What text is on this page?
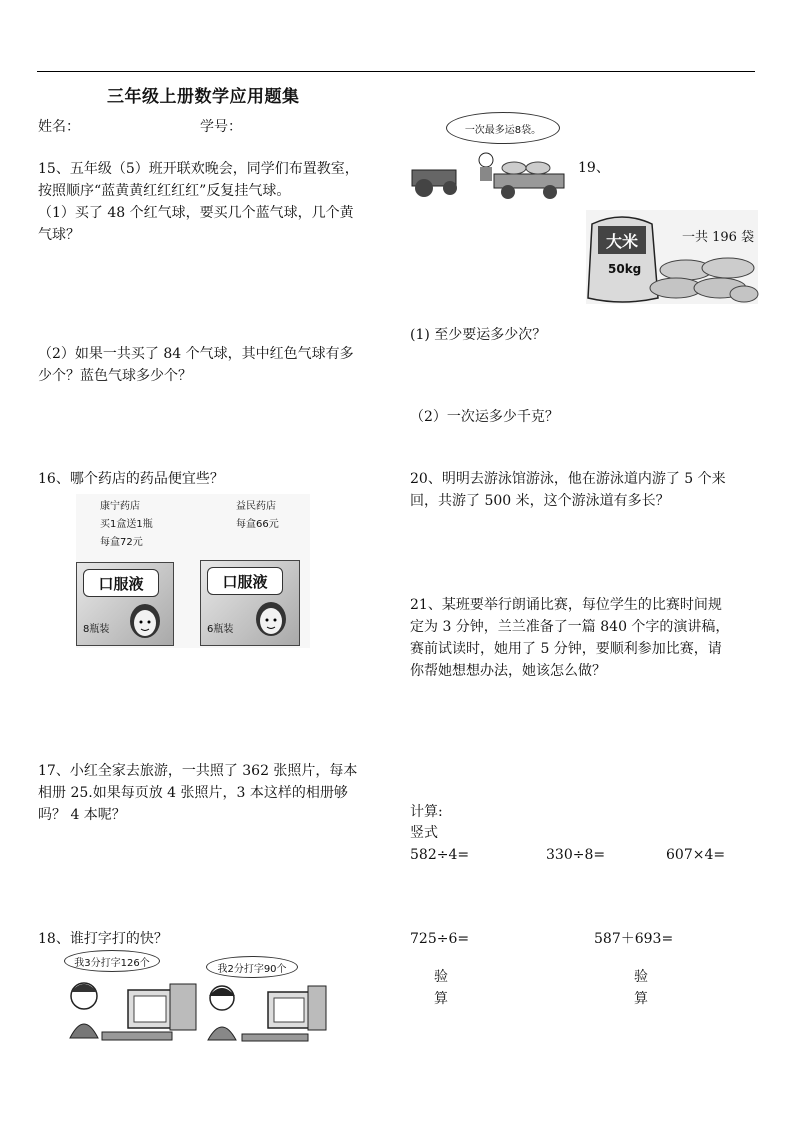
三年级上册数学应用题集
姓名：	学号：
15、五年级（5）班开联欢晚会，同学们布置教室，
按照顺序“蓝黄黄红红红红”反复挂气球。
（1）买了 48 个红气球，要买几个蓝气球，几个黄
气球？
（2）如果一共买了 84 个气球，其中红色气球有多
少个？蓝色气球多少个？
16、哪个药店的药品便宜些？
康宁药店
买1盒送1瓶
每盒72元
益民药店
每盒66元
口服液
8瓶装
口服液
6瓶装
17、小红全家去旅游，一共照了 362 张照片，每本
相册 25.如果每页放 4 张照片，3 本这样的相册够
吗？ 4 本呢？
18、谁打字打的快？
我3分打字126个
我2分打字90个
一次最多运8袋。
19、
大米
50kg
一共 196 袋
(1) 至少要运多少次？
（2）一次运多少千克？
20、明明去游泳馆游泳，他在游泳道内游了 5 个来
回，共游了 500 米，这个游泳道有多长？
21、某班要举行朗诵比赛，每位学生的比赛时间规
定为 3 分钟，兰兰准备了一篇 840 个字的演讲稿，
赛前试读时，她用了 5 分钟，要顺利参加比赛，请
你帮她想想办法，她该怎么做？
计算:
竖式
582÷4=	330÷8=	607×4=
725÷6=	587＋693=
验
算
验
算
